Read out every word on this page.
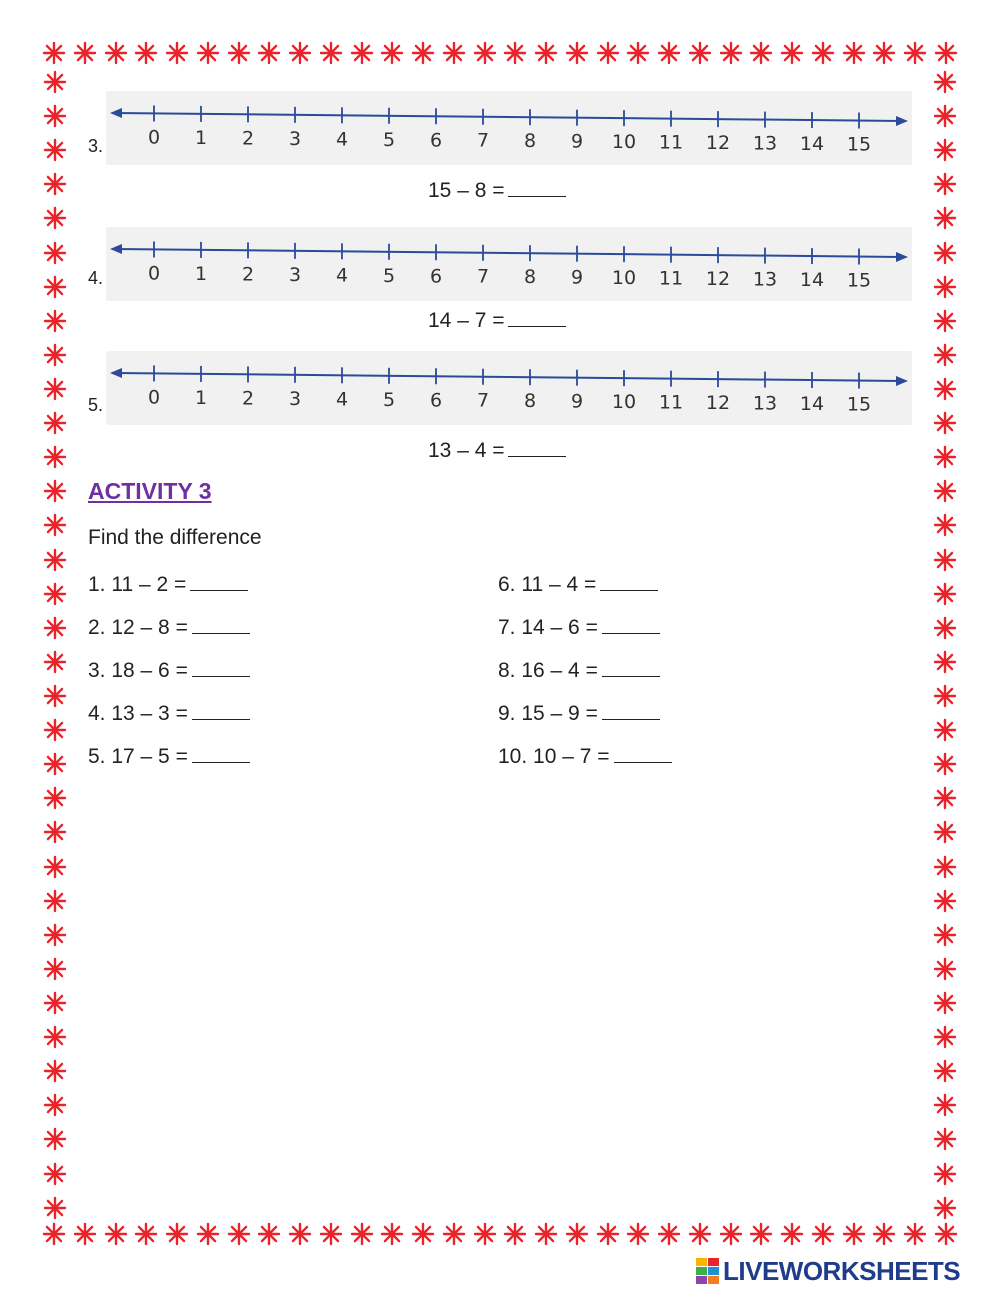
3. 0 1 2 3 4 5 6 7 8 9 10 11 12 13 14 15
15 – 8 =
4. 0 1 2 3 4 5 6 7 8 9 10 11 12 13 14 15
14 – 7 =
5. 0 1 2 3 4 5 6 7 8 9 10 11 12 13 14 15
13 – 4 =
ACTIVITY 3
Find the difference
1. 11 – 2 =
2. 12 – 8 =
3. 18 – 6 =
4. 13 – 3 =
5. 17 – 5 =
6. 11 – 4 =
7. 14 – 6 =
8. 16 – 4 =
9. 15 – 9 =
10. 10 – 7 =
LIVEWORKSHEETS
